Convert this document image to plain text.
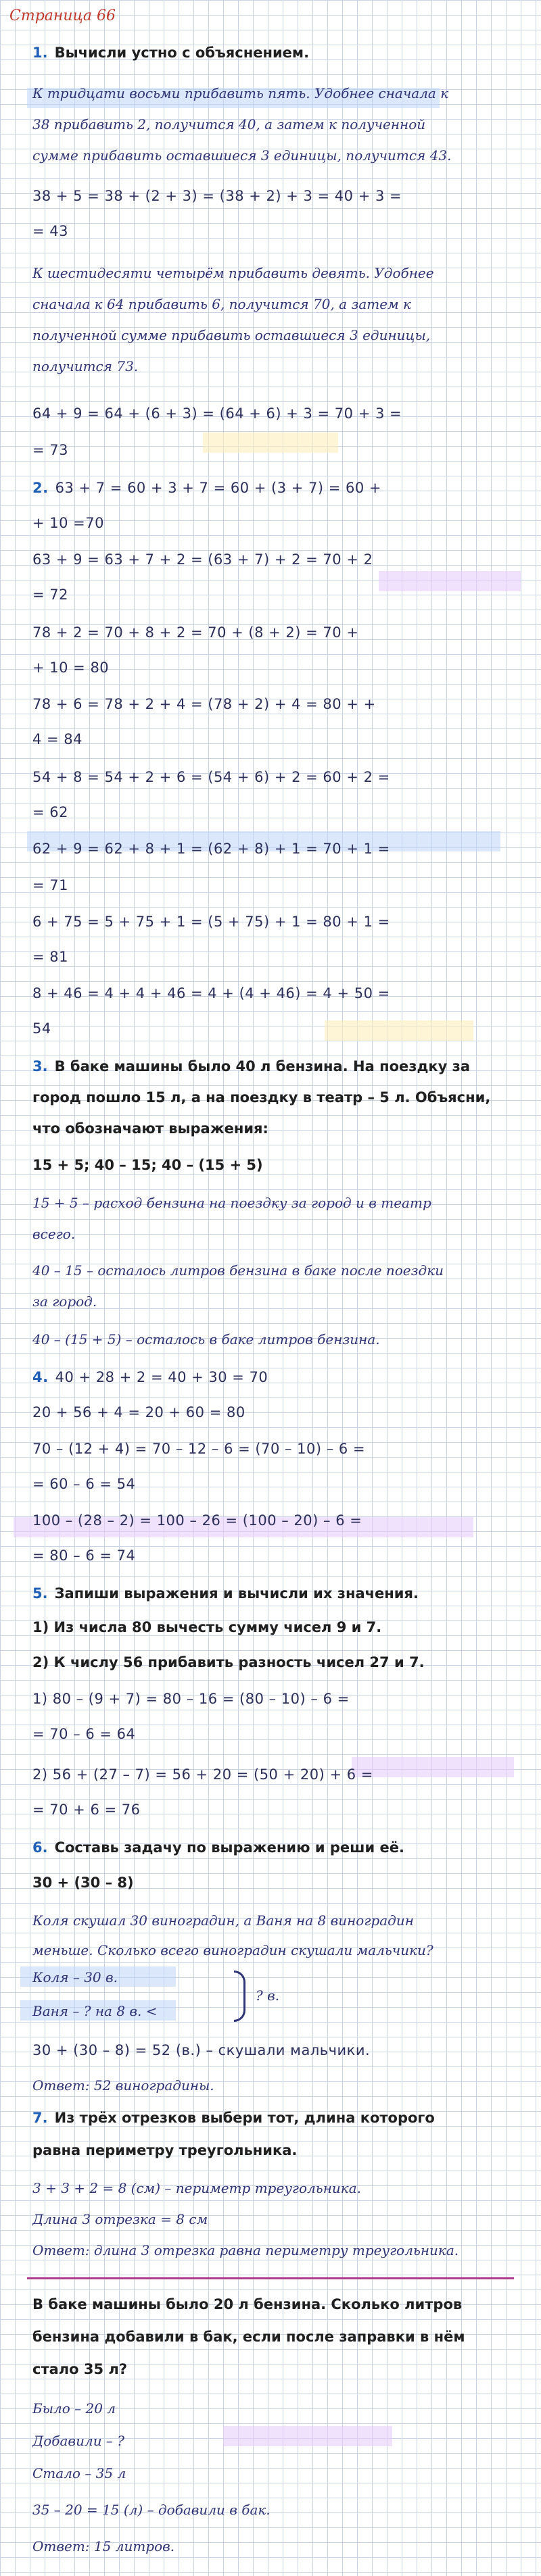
Страница 66
1. Вычисли устно с объяснением.
К тридцати восьми прибавить пять. Удобнее сначала к
38 прибавить 2, получится 40, а затем к полученной
сумме прибавить оставшиеся 3 единицы, получится 43.
38 + 5 = 38 + (2 + 3) = (38 + 2) + 3 = 40 + 3 =
= 43
К шестидесяти четырём прибавить девять. Удобнее
сначала к 64 прибавить 6, получится 70, а затем к
полученной сумме прибавить оставшиеся 3 единицы,
получится 73.
64 + 9 = 64 + (6 + 3) = (64 + 6) + 3 = 70 + 3 =
= 73
2. 63 + 7 = 60 + 3 + 7 = 60 + (3 + 7) = 60 +
+ 10 =70
63 + 9 = 63 + 7 + 2 = (63 + 7) + 2 = 70 + 2
= 72
78 + 2 = 70 + 8 + 2 = 70 + (8 + 2) = 70 +
+ 10 = 80
78 + 6 = 78 + 2 + 4 = (78 + 2) + 4 = 80 + +
4 = 84
54 + 8 = 54 + 2 + 6 = (54 + 6) + 2 = 60 + 2 =
= 62
62 + 9 = 62 + 8 + 1 = (62 + 8) + 1 = 70 + 1 =
= 71
6 + 75 = 5 + 75 + 1 = (5 + 75) + 1 = 80 + 1 =
= 81
8 + 46 = 4 + 4 + 46 = 4 + (4 + 46) = 4 + 50 =
54
3. В баке машины было 40 л бензина. На поездку за
город пошло 15 л, а на поездку в театр – 5 л. Объясни,
что обозначают выражения:
15 + 5; 40 – 15; 40 – (15 + 5)
15 + 5 – расход бензина на поездку за город и в театр
всего.
40 – 15 – осталось литров бензина в баке после поездки
за город.
40 – (15 + 5) – осталось в баке литров бензина.
4. 40 + 28 + 2 = 40 + 30 = 70
20 + 56 + 4 = 20 + 60 = 80
70 – (12 + 4) = 70 – 12 – 6 = (70 – 10) – 6 =
= 60 – 6 = 54
100 – (28 – 2) = 100 – 26 = (100 – 20) – 6 =
= 80 – 6 = 74
5. Запиши выражения и вычисли их значения.
1) Из числа 80 вычесть сумму чисел 9 и 7.
2) К числу 56 прибавить разность чисел 27 и 7.
1) 80 – (9 + 7) = 80 – 16 = (80 – 10) – 6 =
= 70 – 6 = 64
2) 56 + (27 – 7) = 56 + 20 = (50 + 20) + 6 =
= 70 + 6 = 76
6. Составь задачу по выражению и реши её.
30 + (30 – 8)
Коля скушал 30 виноградин, а Ваня на 8 виноградин
меньше. Сколько всего виноградин скушали мальчики?
Коля – 30 в.
Ваня – ? на 8 в. <
? в.
30 + (30 – 8) = 52 (в.) – скушали мальчики.
Ответ: 52 виноградины.
7. Из трёх отрезков выбери тот, длина которого
равна периметру треугольника.
3 + 3 + 2 = 8 (см) – периметр треугольника.
Длина 3 отрезка = 8 см
Ответ: длина 3 отрезка равна периметру треугольника.
В баке машины было 20 л бензина. Сколько литров
бензина добавили в бак, если после заправки в нём
стало 35 л?
Было – 20 л
Добавили – ?
Стало – 35 л
35 – 20 = 15 (л) – добавили в бак.
Ответ: 15 литров.
